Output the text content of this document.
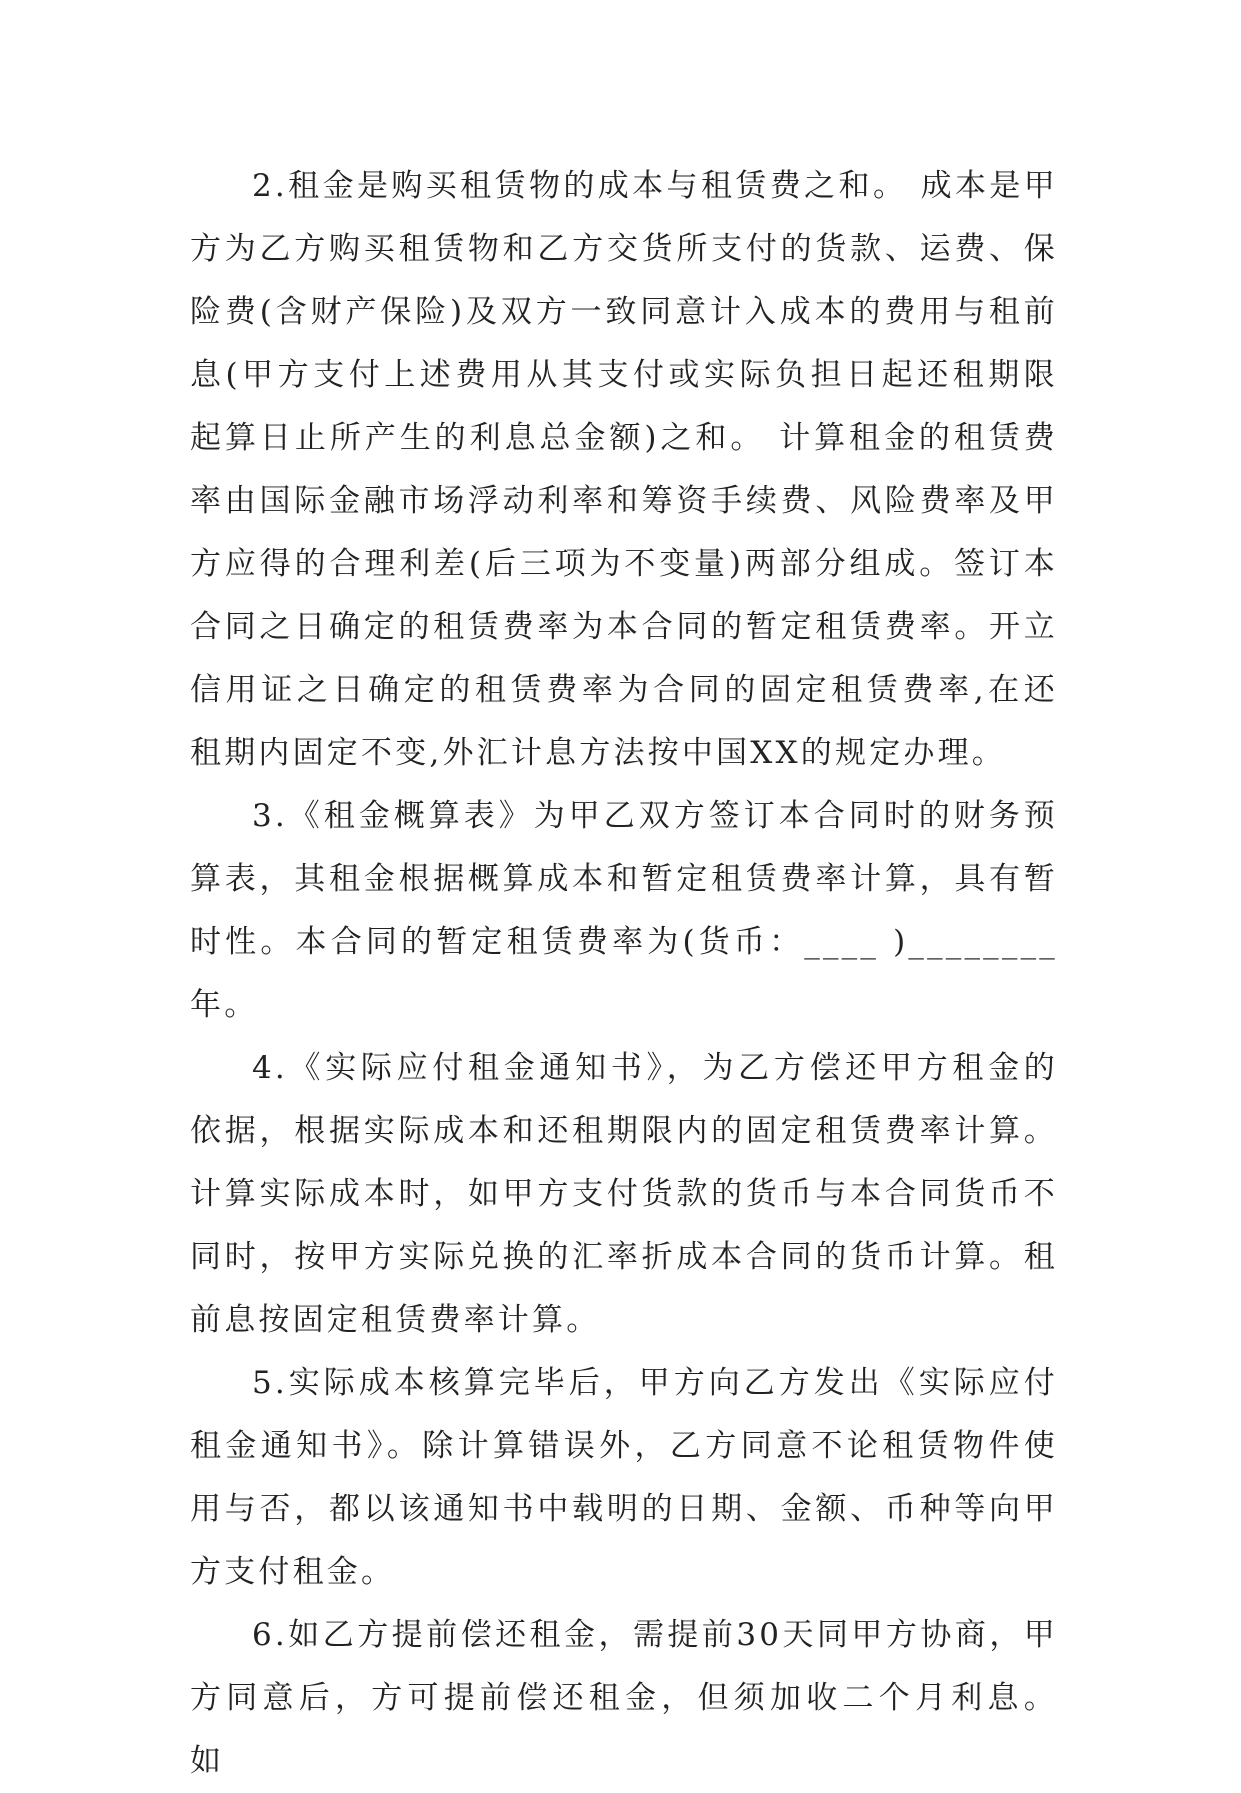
2.租金是购买租赁物的成本与租赁费之和。 成本是甲方为乙方购买租赁物和乙方交货所支付的货款、运费、保险费(含财产保险)及双方一致同意计入成本的费用与租前息(甲方支付上述费用从其支付或实际负担日起还租期限起算日止所产生的利息总金额)之和。 计算租金的租赁费率由国际金融市场浮动利率和筹资手续费、风险费率及甲方应得的合理利差(后三项为不变量)两部分组成。签订本合同之日确定的租赁费率为本合同的暂定租赁费率。开立信用证之日确定的租赁费率为合同的固定租赁费率,在还租期内固定不变,外汇计息方法按中国XX的规定办理。

3.《租金概算表》为甲乙双方签订本合同时的财务预算表，其租金根据概算成本和暂定租赁费率计算，具有暂时性。本合同的暂定租赁费率为(货币：____ )________年。

4.《实际应付租金通知书》，为乙方偿还甲方租金的依据，根据实际成本和还租期限内的固定租赁费率计算。计算实际成本时，如甲方支付货款的货币与本合同货币不同时，按甲方实际兑换的汇率折成本合同的货币计算。租前息按固定租赁费率计算。

5.实际成本核算完毕后，甲方向乙方发出《实际应付租金通知书》。除计算错误外，乙方同意不论租赁物件使用与否，都以该通知书中载明的日期、金额、币种等向甲方支付租金。

6.如乙方提前偿还租金，需提前30天同甲方协商，甲方同意后，方可提前偿还租金，但须加收二个月利息。 如
